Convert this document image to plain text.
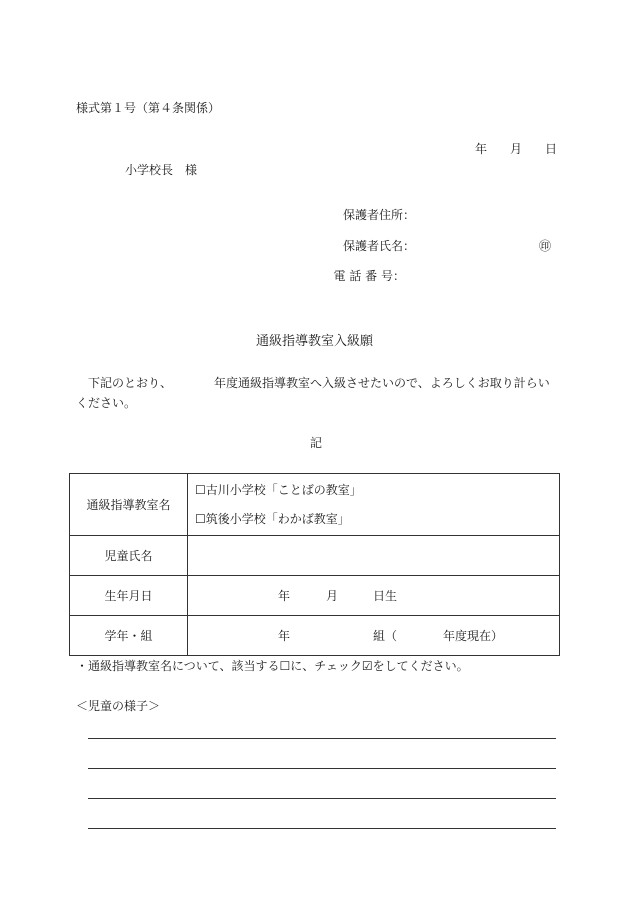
様式第１号（第４条関係）
年 月 日
小学校長　様
保護者住所：
保護者氏名：	㊞
電 話 番 号：
通級指導教室入級願
下記のとおり、　　　　年度通級指導教室へ入級させたいので、よろしくお取り計らい
ください。
記
通級指導教室名	☐古川小学校「ことばの教室」
☐筑後小学校「わかば教室」

児童氏名	
生年月日	年 月 日生

学年・組	年 組（ 年度現在）
・通級指導教室名について、該当する☐に、チェック☑をしてください。
＜児童の様子＞
